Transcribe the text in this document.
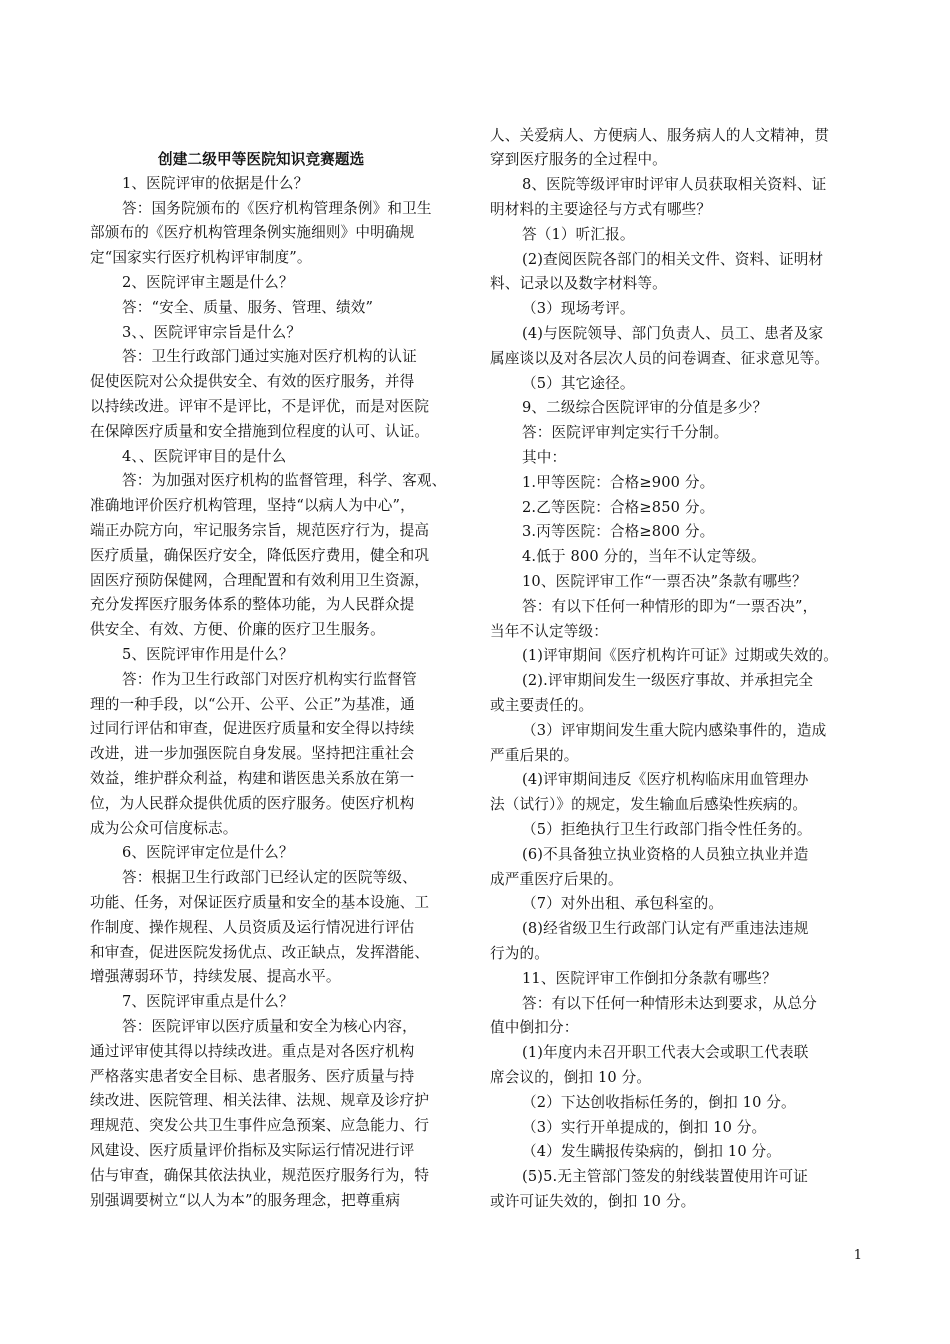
创建二级甲等医院知识竞赛题选
1、医院评审的依据是什么？
答：国务院颁布的《医疗机构管理条例》和卫生
部颁布的《医疗机构管理条例实施细则》中明确规
定“国家实行医疗机构评审制度”。
2、医院评审主题是什么？
答：“安全、质量、服务、管理、绩效”
3、、医院评审宗旨是什么？
答：卫生行政部门通过实施对医疗机构的认证
促使医院对公众提供安全、有效的医疗服务，并得
以持续改进。评审不是评比，不是评优，而是对医院
在保障医疗质量和安全措施到位程度的认可、认证。
4、、医院评审目的是什么
答：为加强对医疗机构的监督管理，科学、客观、
准确地评价医疗机构管理，坚持“以病人为中心”，
端正办院方向，牢记服务宗旨，规范医疗行为，提高
医疗质量，确保医疗安全，降低医疗费用，健全和巩
固医疗预防保健网，合理配置和有效利用卫生资源，
充分发挥医疗服务体系的整体功能，为人民群众提
供安全、有效、方便、价廉的医疗卫生服务。
5、医院评审作用是什么？
答：作为卫生行政部门对医疗机构实行监督管
理的一种手段，以“公开、公平、公正”为基准，通
过同行评估和审查，促进医疗质量和安全得以持续
改进，进一步加强医院自身发展。坚持把注重社会
效益，维护群众利益，构建和谐医患关系放在第一
位，为人民群众提供优质的医疗服务。使医疗机构
成为公众可信度标志。
6、医院评审定位是什么？
答：根据卫生行政部门已经认定的医院等级、
功能、任务，对保证医疗质量和安全的基本设施、工
作制度、操作规程、人员资质及运行情况进行评估
和审查，促进医院发扬优点、改正缺点，发挥潜能、
增强薄弱环节，持续发展、提高水平。
7、医院评审重点是什么？
答：医院评审以医疗质量和安全为核心内容，
通过评审使其得以持续改进。重点是对各医疗机构
严格落实患者安全目标、患者服务、医疗质量与持
续改进、医院管理、相关法律、法规、规章及诊疗护
理规范、突发公共卫生事件应急预案、应急能力、行
风建设、医疗质量评价指标及实际运行情况进行评
估与审查，确保其依法执业，规范医疗服务行为，特
别强调要树立“以人为本”的服务理念，把尊重病
人、关爱病人、方便病人、服务病人的人文精神，贯
穿到医疗服务的全过程中。
8、医院等级评审时评审人员获取相关资料、证
明材料的主要途径与方式有哪些？
答（1）听汇报。
(2)查阅医院各部门的相关文件、资料、证明材
料、记录以及数字材料等。
（3）现场考评。
(4)与医院领导、部门负责人、员工、患者及家
属座谈以及对各层次人员的问卷调查、征求意见等。
（5）其它途径。
9、二级综合医院评审的分值是多少？
答：医院评审判定实行千分制。
其中：
1.甲等医院：合格≥900 分。
2.乙等医院：合格≥850 分。
3.丙等医院：合格≥800 分。
4.低于 800 分的，当年不认定等级。
10、医院评审工作“一票否决”条款有哪些？
答：有以下任何一种情形的即为“一票否决”，
当年不认定等级：
(1)评审期间《医疗机构许可证》过期或失效的。
(2).评审期间发生一级医疗事故、并承担完全
或主要责任的。
（3）评审期间发生重大院内感染事件的，造成
严重后果的。
(4)评审期间违反《医疗机构临床用血管理办
法（试行）》的规定，发生输血后感染性疾病的。
（5）拒绝执行卫生行政部门指令性任务的。
(6)不具备独立执业资格的人员独立执业并造
成严重医疗后果的。
（7）对外出租、承包科室的。
(8)经省级卫生行政部门认定有严重违法违规
行为的。
11、医院评审工作倒扣分条款有哪些？
答：有以下任何一种情形未达到要求，从总分
值中倒扣分：
(1)年度内未召开职工代表大会或职工代表联
席会议的，倒扣 10 分。
（2）下达创收指标任务的，倒扣 10 分。
（3）实行开单提成的，倒扣 10 分。
（4）发生瞒报传染病的，倒扣 10 分。
(5)5.无主管部门签发的射线装置使用许可证
或许可证失效的，倒扣 10 分。
1
